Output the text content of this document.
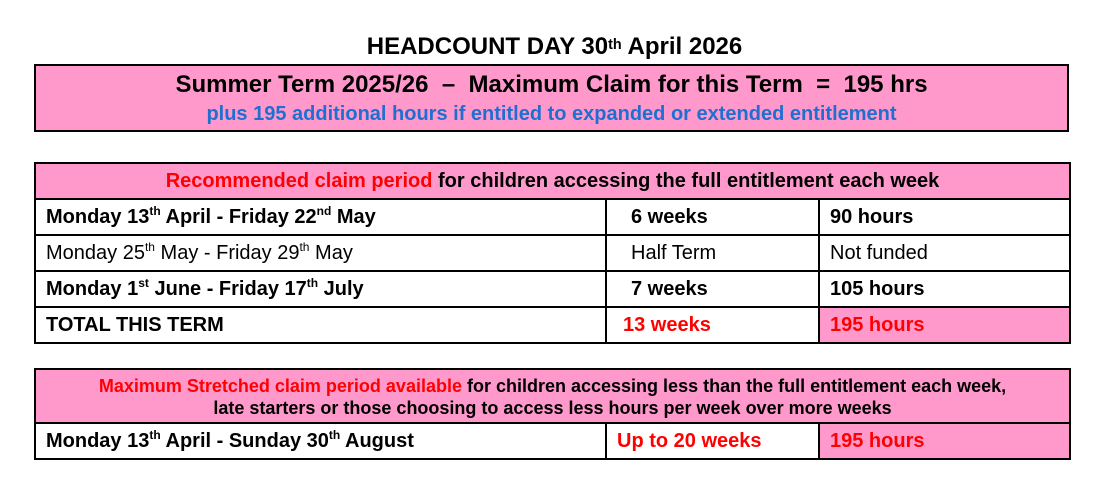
HEADCOUNT DAY 30th April 2026
Summer Term 2025/26  –  Maximum Claim for this Term  =  195 hrs
plus 195 additional hours if entitled to expanded or extended entitlement
Recommended claim period for children accessing the full entitlement each week		
Monday 13th April - Friday 22nd May	6 weeks	90 hours
Monday 25th May - Friday 29th May	Half Term	Not funded
Monday 1st June - Friday 17th July	7 weeks	105 hours
TOTAL THIS TERM	13 weeks	195 hours
Maximum Stretched claim period available for children accessing less than the full entitlement each week,
late starters or those choosing to access less hours per week over more weeks
Monday 13th April - Sunday 30th August	Up to 20 weeks	195 hours
